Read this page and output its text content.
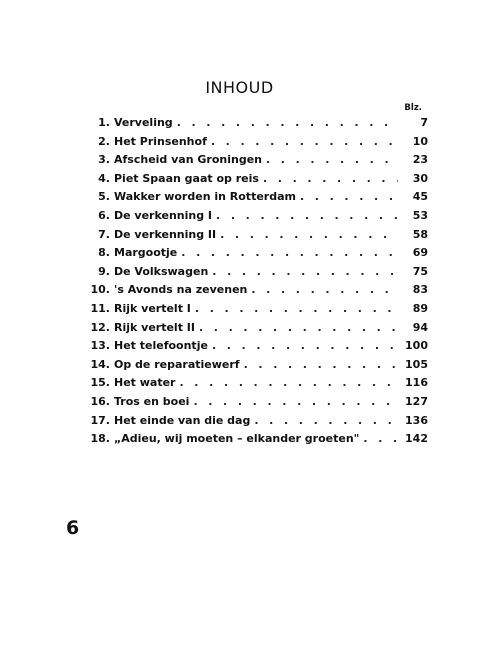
INHOUD
Blz.
1. Verveling . . .	7
2. Het Prinsenhof . . .	10
3. Afscheid van Groningen . . .	23
4. Piet Spaan gaat op reis . . .	30
5. Wakker worden in Rotterdam . . .	45
6. De verkenning I . . .	53
7. De verkenning II . . .	58
8. Margootje . . .	69
9. De Volkswagen . . .	75
10. 's Avonds na zevenen . . .	83
11. Rijk vertelt I . . .	89
12. Rijk vertelt II . . .	94
13. Het telefoontje . . .	100
14. Op de reparatiewerf . . .	105
15. Het water . . .	116
16. Tros en boei . . .	127
17. Het einde van die dag . . .	136
18. „Adieu, wij moeten – elkander groeten" . . .	142
6
